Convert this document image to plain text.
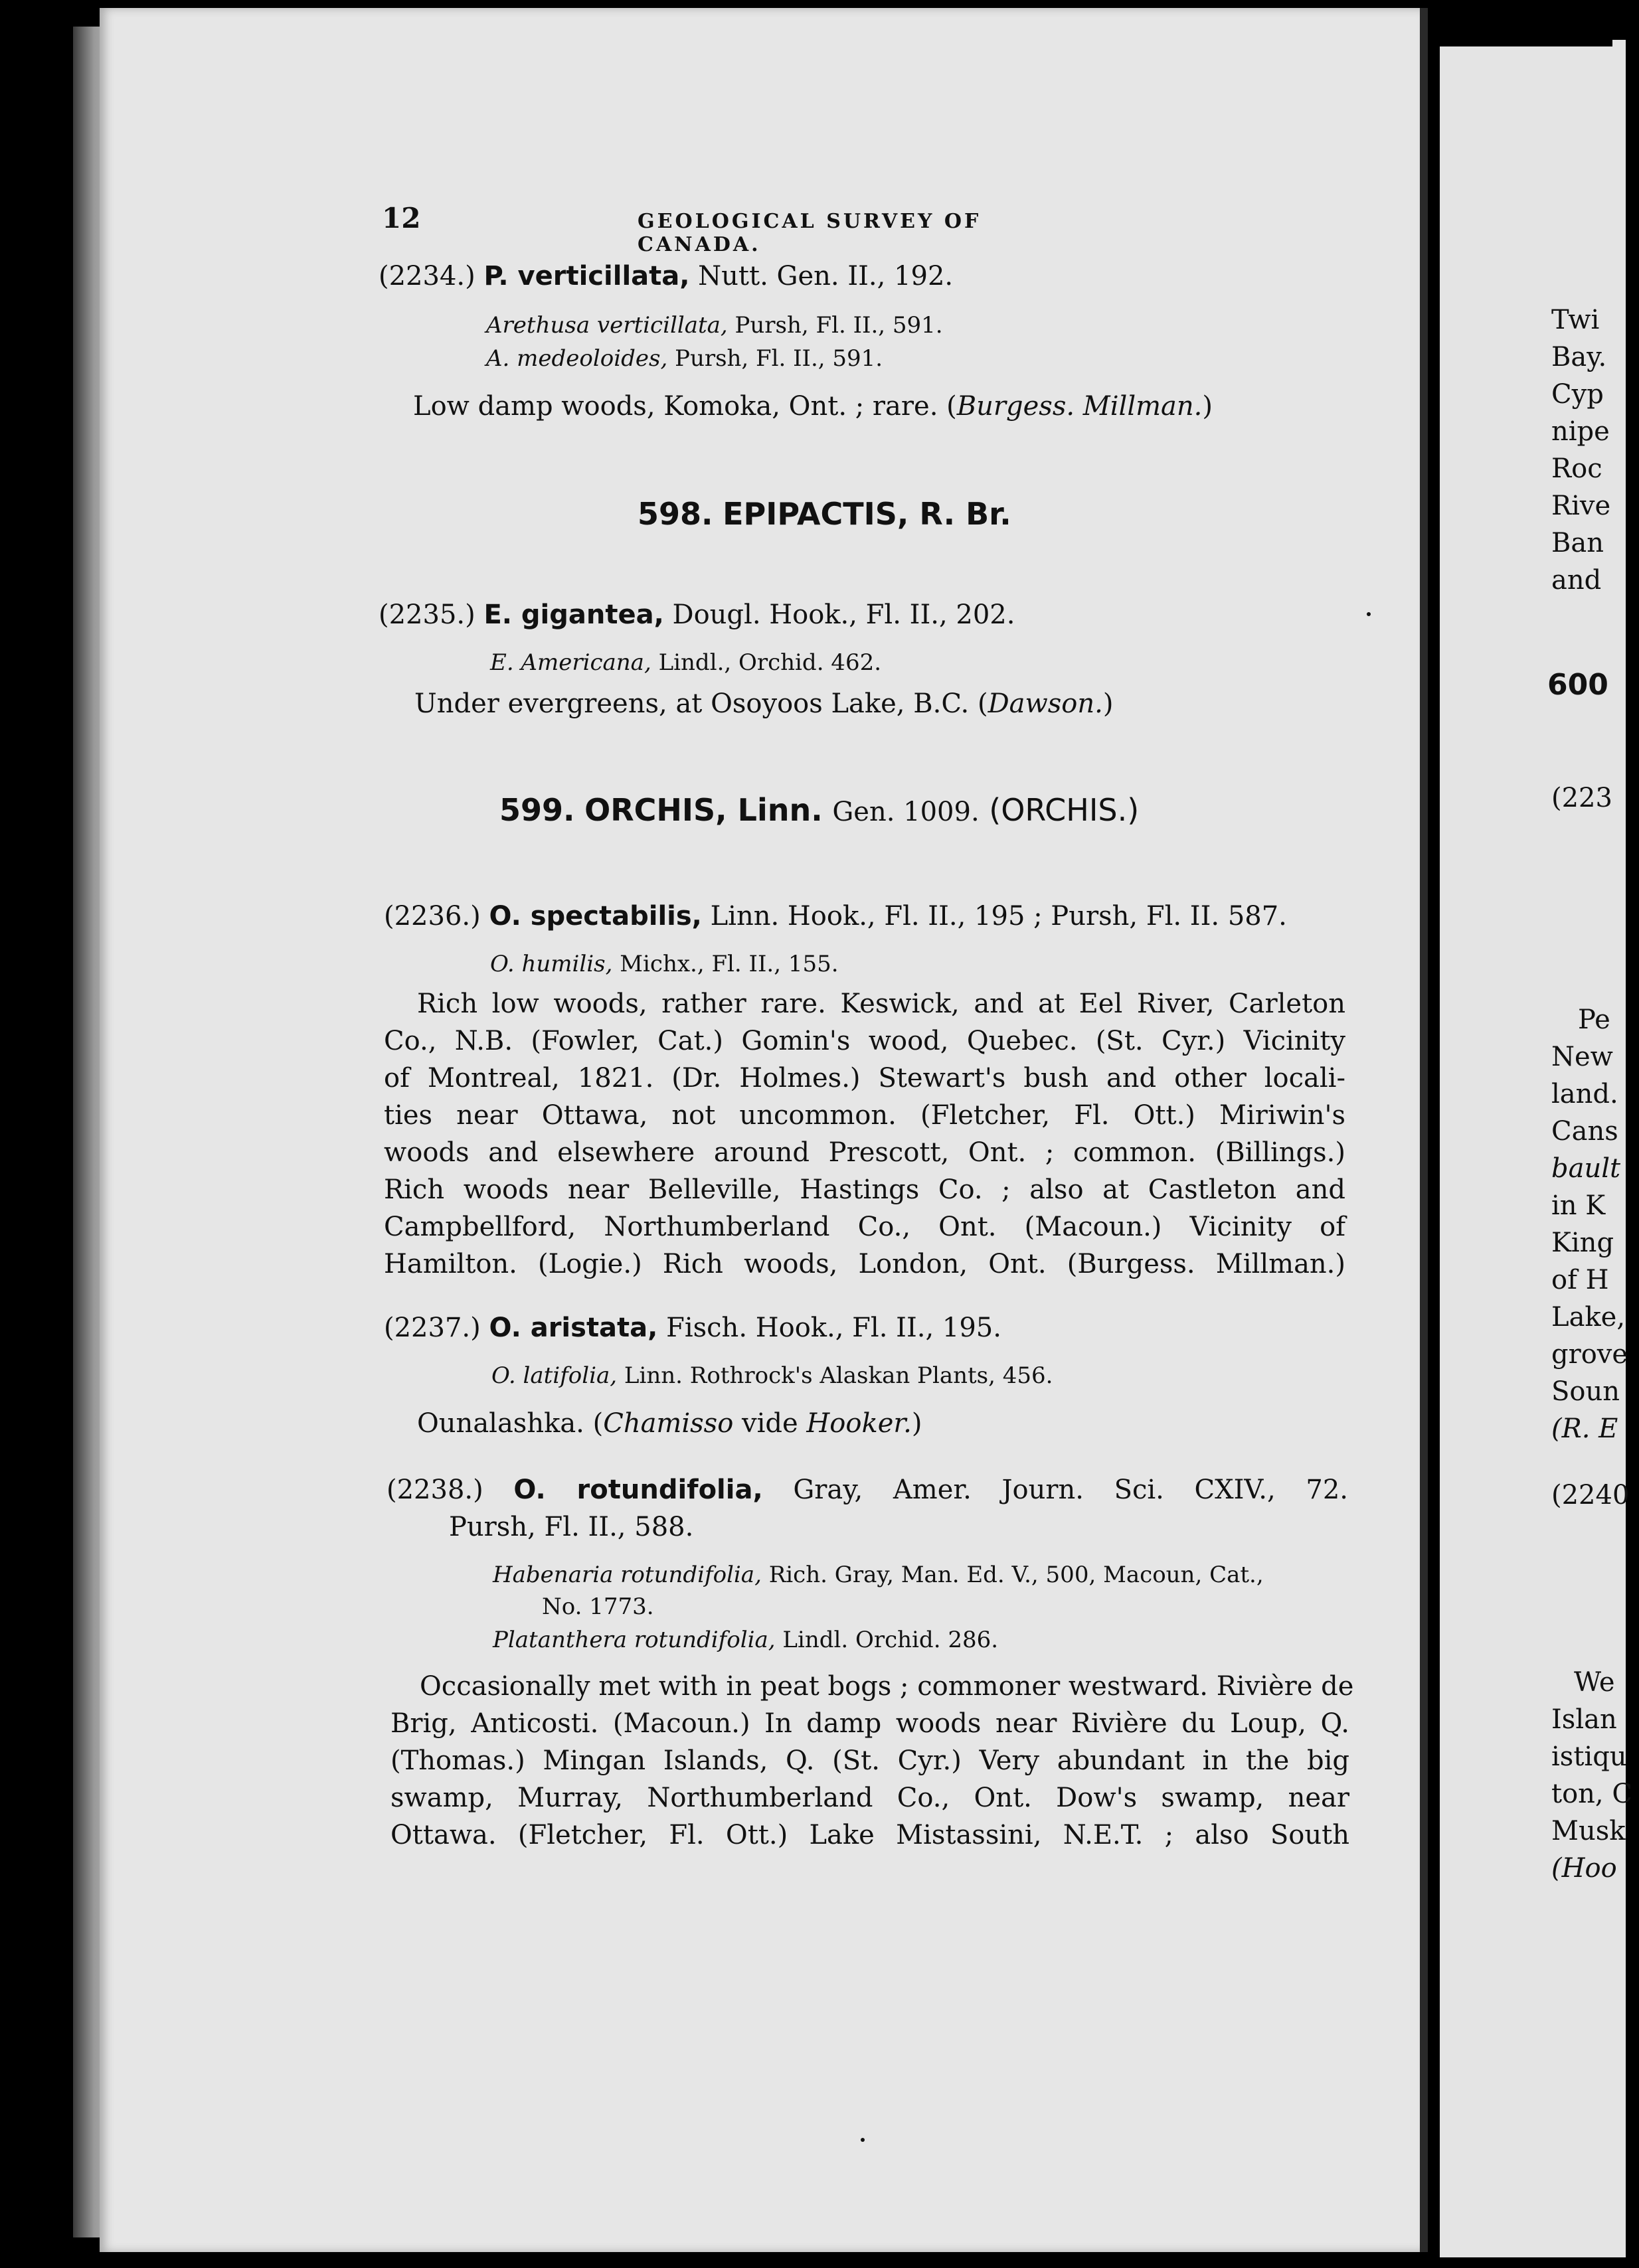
12	GEOLOGICAL SURVEY OF CANADA.
(2234.) P. verticillata, Nutt. Gen. II., 192.
Arethusa verticillata, Pursh, Fl. II., 591.
A. medeoloides, Pursh, Fl. II., 591.
Low damp woods, Komoka, Ont. ; rare. (Burgess. Millman.)
598. EPIPACTIS, R. Br.
(2235.) E. gigantea, Dougl. Hook., Fl. II., 202.
E. Americana, Lindl., Orchid. 462.
Under evergreens, at Osoyoos Lake, B.C. (Dawson.)
599. ORCHIS, Linn. Gen. 1009. (ORCHIS.)
(2236.) O. spectabilis, Linn. Hook., Fl. II., 195 ; Pursh, Fl. II. 587.
O. humilis, Michx., Fl. II., 155.
Rich low woods, rather rare. Keswick, and at Eel River, Carleton
Co., N.B. (Fowler, Cat.) Gomin's wood, Quebec. (St. Cyr.) Vicinity
of Montreal, 1821. (Dr. Holmes.) Stewart's bush and other locali-
ties near Ottawa, not uncommon. (Fletcher, Fl. Ott.) Miriwin's
woods and elsewhere around Prescott, Ont. ; common. (Billings.)
Rich woods near Belleville, Hastings Co. ; also at Castleton and
Campbellford, Northumberland Co., Ont. (Macoun.) Vicinity of
Hamilton. (Logie.) Rich woods, London, Ont. (Burgess. Millman.)
(2237.) O. aristata, Fisch. Hook., Fl. II., 195.
O. latifolia, Linn. Rothrock's Alaskan Plants, 456.
Ounalashka. (Chamisso vide Hooker.)
(2238.) O. rotundifolia, Gray, Amer. Journ. Sci. CXIV., 72.
Pursh, Fl. II., 588.
Habenaria rotundifolia, Rich. Gray, Man. Ed. V., 500, Macoun, Cat.,
No. 1773.
Platanthera rotundifolia, Lindl. Orchid. 286.
Occasionally met with in peat bogs ; commoner westward. Rivière de
Brig, Anticosti. (Macoun.) In damp woods near Rivière du Loup, Q.
(Thomas.) Mingan Islands, Q. (St. Cyr.) Very abundant in the big
swamp, Murray, Northumberland Co., Ont. Dow's swamp, near
Ottawa. (Fletcher, Fl. Ott.) Lake Mistassini, N.E.T. ; also South
Twi
Bay.
Cyp
nipe
Roc
Rive
Ban
and
600
(223
Pe
New
land.
Cans
bault
in K
King
of H
Lake,
grove
Soun
(R. E
(2240
We
Islan
istiqu
ton, C
Musk
(Hoo
